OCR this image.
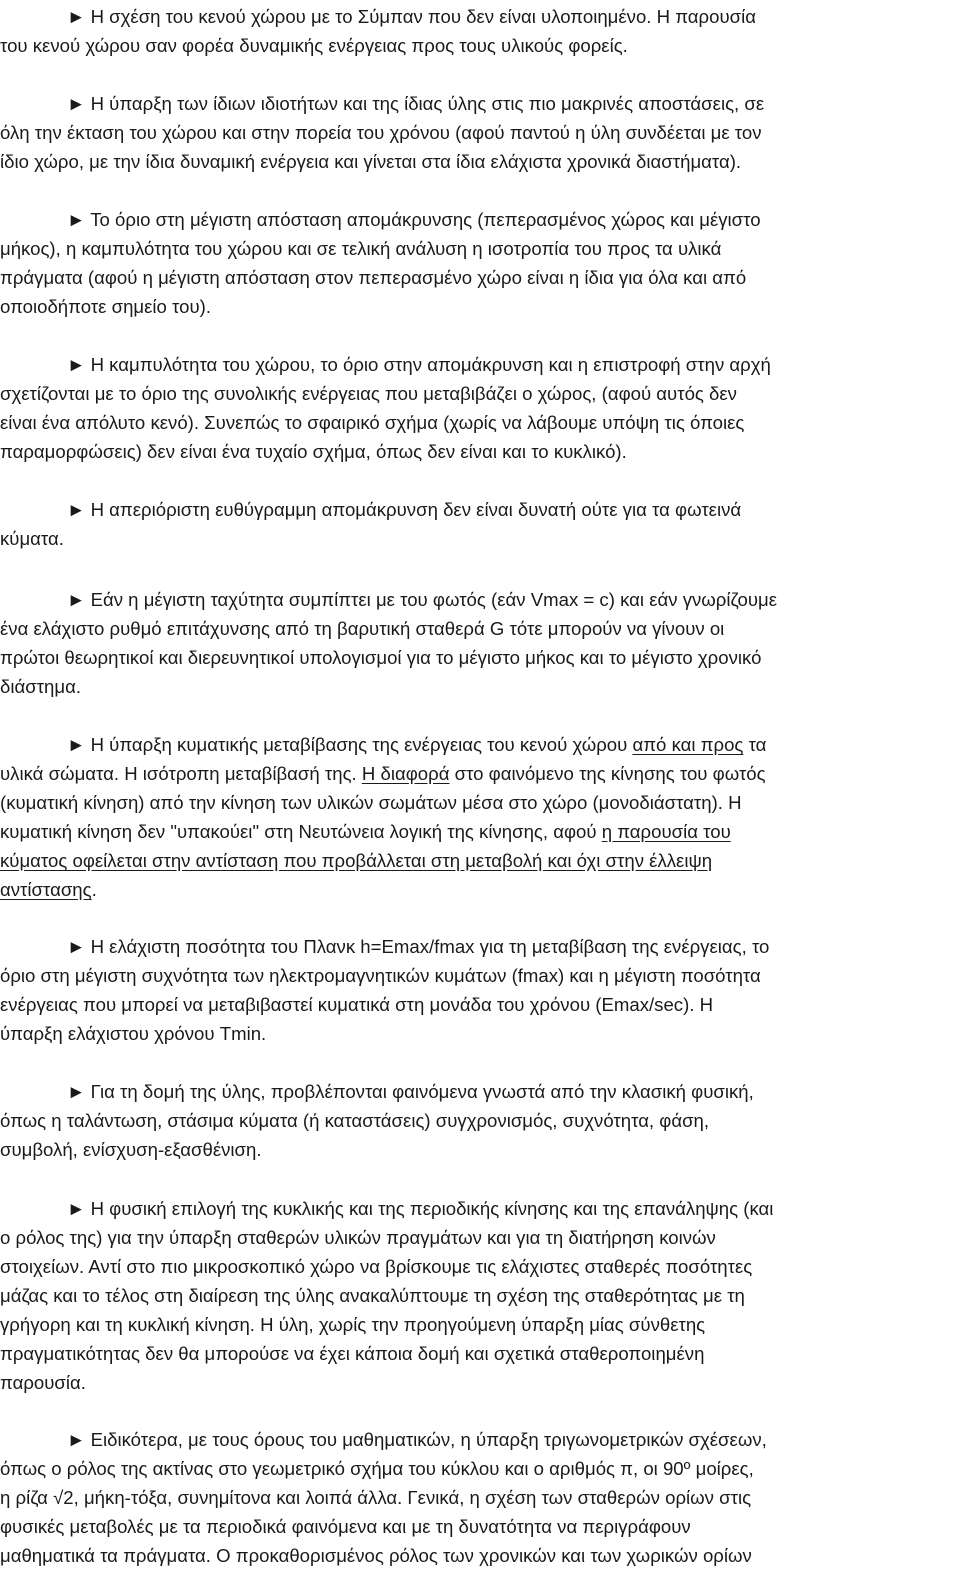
► Η σχέση του κενού χώρου με το Σύμπαν που δεν είναι υλοποιημένο. Η παρουσία
του κενού χώρου σαν φορέα δυναμικής ενέργειας προς τους υλικούς φορείς.
► Η ύπαρξη των ίδιων ιδιοτήτων και της ίδιας ύλης στις πιο μακρινές αποστάσεις, σε
όλη την έκταση του χώρου και στην πορεία του χρόνου (αφού παντού η ύλη συνδέεται με τον
ίδιο χώρο, με την ίδια δυναμική ενέργεια και γίνεται στα ίδια ελάχιστα χρονικά διαστήματα).
► Το όριο στη μέγιστη απόσταση απομάκρυνσης (πεπερασμένος χώρος και μέγιστο
μήκος), η καμπυλότητα του χώρου και σε τελική ανάλυση η ισοτροπία του προς τα υλικά
πράγματα (αφού η μέγιστη απόσταση στον πεπερασμένο χώρο είναι η ίδια για όλα και από
οποιοδήποτε σημείο του).
► Η καμπυλότητα του χώρου, το όριο στην απομάκρυνση και η επιστροφή στην αρχή
σχετίζονται με το όριο της συνολικής ενέργειας που μεταβιβάζει ο χώρος, (αφού αυτός δεν
είναι ένα απόλυτο κενό). Συνεπώς το σφαιρικό σχήμα (χωρίς να λάβουμε υπόψη τις όποιες
παραμορφώσεις) δεν είναι ένα τυχαίο σχήμα, όπως δεν είναι και το κυκλικό).
► Η απεριόριστη ευθύγραμμη απομάκρυνση δεν είναι δυνατή ούτε για τα φωτεινά
κύματα.
► Εάν η μέγιστη ταχύτητα συμπίπτει με του φωτός (εάν Vmax = c) και εάν γνωρίζουμε
ένα ελάχιστο ρυθμό επιτάχυνσης από τη βαρυτική σταθερά G τότε μπορούν να γίνουν οι
πρώτοι θεωρητικοί και διερευνητικοί υπολογισμοί για το μέγιστο μήκος και το μέγιστο χρονικό
διάστημα.
► Η ύπαρξη κυματικής μεταβίβασης της ενέργειας του κενού χώρου από και προς τα
υλικά σώματα. Η ισότροπη μεταβίβασή της. Η διαφορά στο φαινόμενο της κίνησης του φωτός
(κυματική κίνηση) από την κίνηση των υλικών σωμάτων μέσα στο χώρο (μονοδιάστατη). Η
κυματική κίνηση δεν "υπακούει" στη Νευτώνεια λογική της κίνησης, αφού η παρουσία του
κύματος οφείλεται στην αντίσταση που προβάλλεται στη μεταβολή και όχι στην έλλειψη
αντίστασης.
► Η ελάχιστη ποσότητα του Πλανκ h=Emax/fmax για τη μεταβίβαση της ενέργειας, το
όριο στη μέγιστη συχνότητα των ηλεκτρομαγνητικών κυμάτων (fmax) και η μέγιστη ποσότητα
ενέργειας που μπορεί να μεταβιβαστεί κυματικά στη μονάδα του χρόνου (Emax/sec). Η
ύπαρξη ελάχιστου χρόνου Tmin.
► Για τη δομή της ύλης, προβλέπονται φαινόμενα γνωστά από την κλασική φυσική,
όπως η ταλάντωση, στάσιμα κύματα (ή καταστάσεις) συγχρονισμός, συχνότητα, φάση,
συμβολή, ενίσχυση-εξασθένιση.
► Η φυσική επιλογή της κυκλικής και της περιοδικής κίνησης και της επανάληψης (και
ο ρόλος της) για την ύπαρξη σταθερών υλικών πραγμάτων και για τη διατήρηση κοινών
στοιχείων. Αντί στο πιο μικροσκοπικό χώρο να βρίσκουμε τις ελάχιστες σταθερές ποσότητες
μάζας και το τέλος στη διαίρεση της ύλης ανακαλύπτουμε τη σχέση της σταθερότητας με τη
γρήγορη και τη κυκλική κίνηση. Η ύλη, χωρίς την προηγούμενη ύπαρξη μίας σύνθετης
πραγματικότητας δεν θα μπορούσε να έχει κάποια δομή και σχετικά σταθεροποιημένη
παρουσία.
► Ειδικότερα, με τους όρους του μαθηματικών, η ύπαρξη τριγωνομετρικών σχέσεων,
όπως ο ρόλος της ακτίνας στο γεωμετρικό σχήμα του κύκλου και ο αριθμός π, οι 90º μοίρες,
η ρίζα √2, μήκη-τόξα, συνημίτονα και λοιπά άλλα. Γενικά, η σχέση των σταθερών ορίων στις
φυσικές μεταβολές με τα περιοδικά φαινόμενα και με τη δυνατότητα να περιγράφουν
μαθηματικά τα πράγματα. Ο προκαθορισμένος ρόλος των χρονικών και των χωρικών ορίων
